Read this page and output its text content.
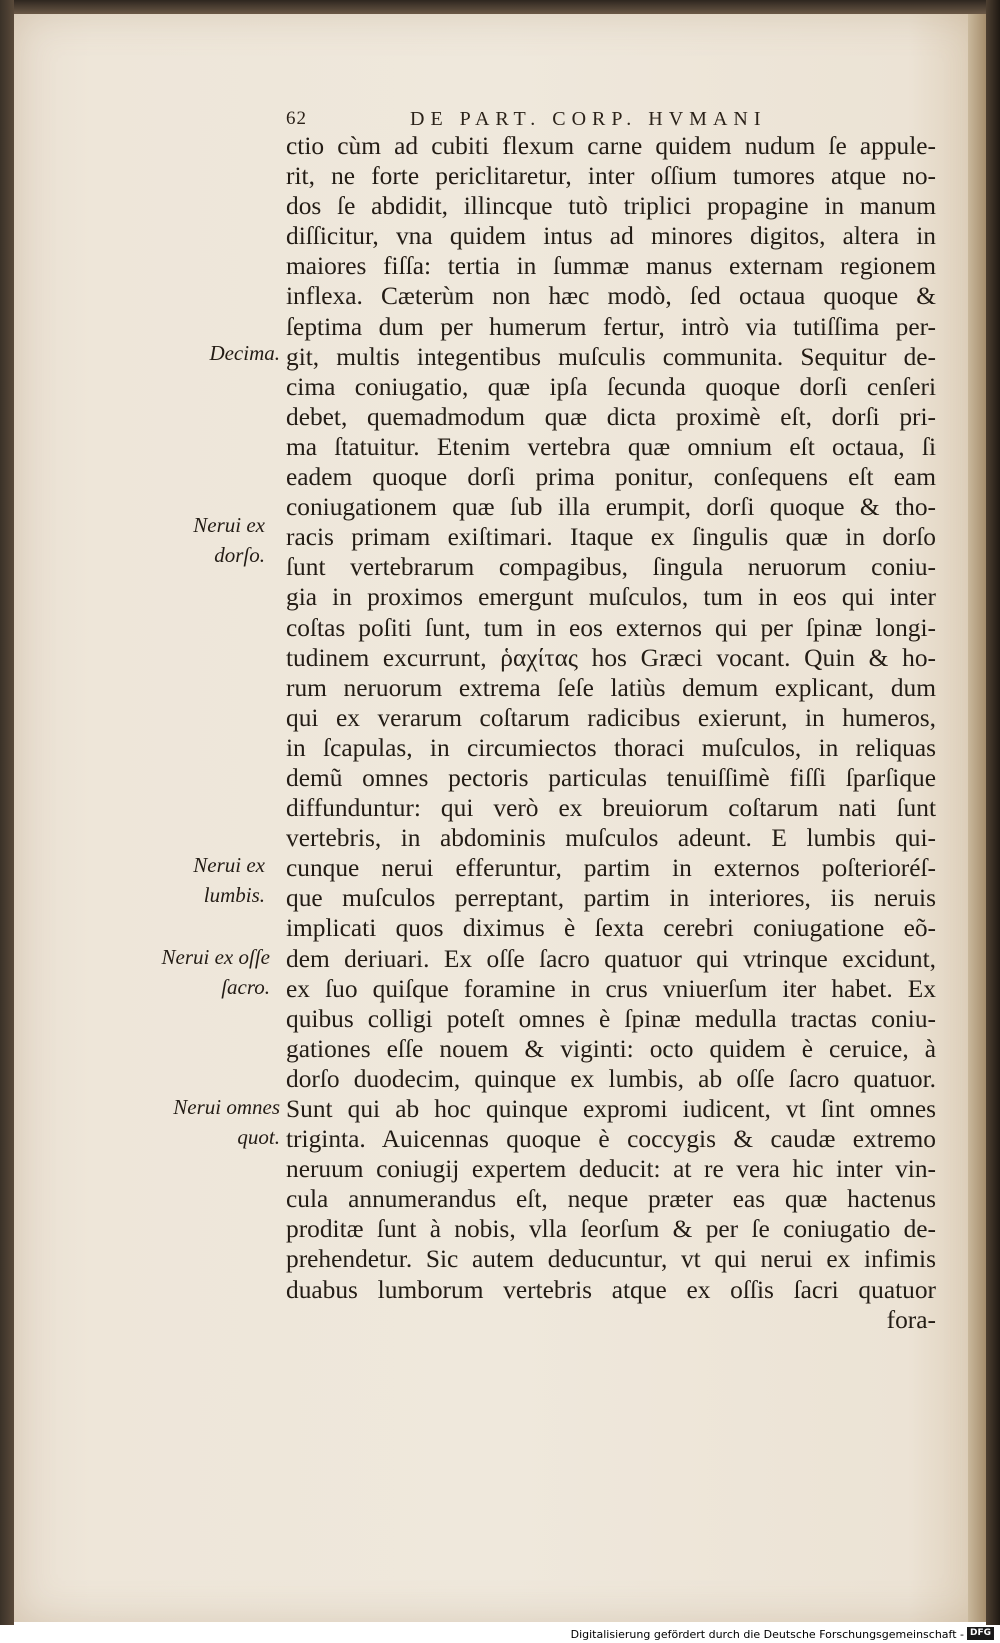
62	DE PART. CORP. HVMANI
Decima.
Nerui ex dorſo.
Nerui ex lumbis.
Nerui ex oſſe ſacro.
Nerui omnes quot.
ctio cùm ad cubiti flexum carne quidem nudum ſe appule-
rit, ne forte periclitaretur, inter oſſium tumores atque no-
dos ſe abdidit, illincque tutò triplici propagine in manum
diſſicitur, vna quidem intus ad minores digitos, altera in
maiores fiſſa: tertia in ſummæ manus externam regionem
inflexa. Cæterùm non hæc modò, ſed octaua quoque &
ſeptima dum per humerum fertur, intrò via tutiſſima per-
git, multis integentibus muſculis communita. Sequitur de-
cima coniugatio, quæ ipſa ſecunda quoque dorſi cenſeri
debet, quemadmodum quæ dicta proximè eſt, dorſi pri-
ma ſtatuitur. Etenim vertebra quæ omnium eſt octaua, ſi
eadem quoque dorſi prima ponitur, conſequens eſt eam
coniugationem quæ ſub illa erumpit, dorſi quoque & tho-
racis primam exiſtimari. Itaque ex ſingulis quæ in dorſo
ſunt vertebrarum compagibus, ſingula neruorum coniu-
gia in proximos emergunt muſculos, tum in eos qui inter
coſtas poſiti ſunt, tum in eos externos qui per ſpinæ longi-
tudinem excurrunt, ῥαχίτας hos Græci vocant. Quin & ho-
rum neruorum extrema ſeſe latiùs demum explicant, dum
qui ex verarum coſtarum radicibus exierunt, in humeros,
in ſcapulas, in circumiectos thoraci muſculos, in reliquas
demũ omnes pectoris particulas tenuiſſimè fiſſi ſparſique
diffunduntur: qui verò ex breuiorum coſtarum nati ſunt
vertebris, in abdominis muſculos adeunt. E lumbis qui-
cunque nerui efferuntur, partim in externos poſterioréſ-
que muſculos perreptant, partim in interiores, iis neruis
implicati quos diximus è ſexta cerebri coniugatione eõ-
dem deriuari. Ex oſſe ſacro quatuor qui vtrinque excidunt,
ex ſuo quiſque foramine in crus vniuerſum iter habet. Ex
quibus colligi poteſt omnes è ſpinæ medulla tractas coniu-
gationes eſſe nouem & viginti: octo quidem è ceruice, à
dorſo duodecim, quinque ex lumbis, ab oſſe ſacro quatuor.
Sunt qui ab hoc quinque expromi iudicent, vt ſint omnes
triginta. Auicennas quoque è coccygis & caudæ extremo
neruum coniugij expertem deducit: at re vera hic inter vin-
cula annumerandus eſt, neque præter eas quæ hactenus
proditæ ſunt à nobis, vlla ſeorſum & per ſe coniugatio de-
prehendetur. Sic autem deducuntur, vt qui nerui ex infimis
duabus lumborum vertebris atque ex oſſis ſacri quatuor
fora-
Digitalisierung gefördert durch die Deutsche Forschungsgemeinschaft - DFG
